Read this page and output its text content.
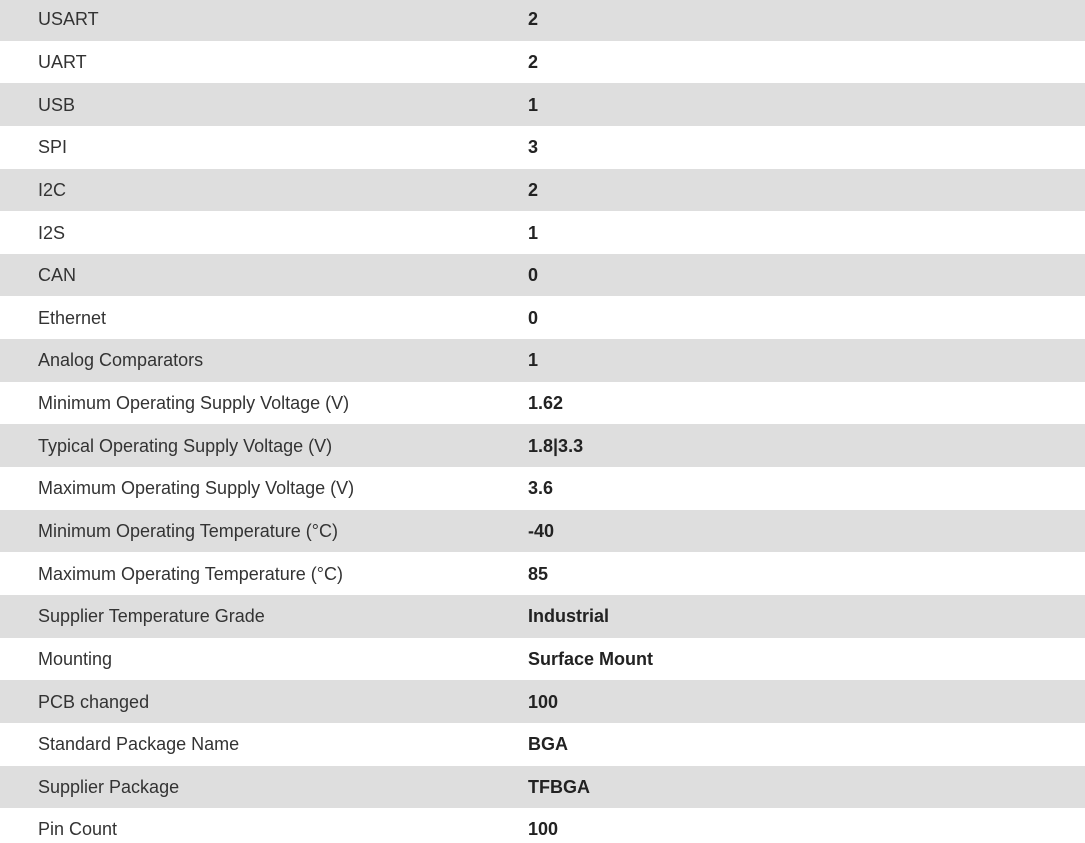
USART	2
UART	2
USB	1
SPI	3
I2C	2
I2S	1
CAN	0
Ethernet	0
Analog Comparators	1
Minimum Operating Supply Voltage (V)	1.62
Typical Operating Supply Voltage (V)	1.8|3.3
Maximum Operating Supply Voltage (V)	3.6
Minimum Operating Temperature (°C)	-40
Maximum Operating Temperature (°C)	85
Supplier Temperature Grade	Industrial
Mounting	Surface Mount
PCB changed	100
Standard Package Name	BGA
Supplier Package	TFBGA
Pin Count	100
